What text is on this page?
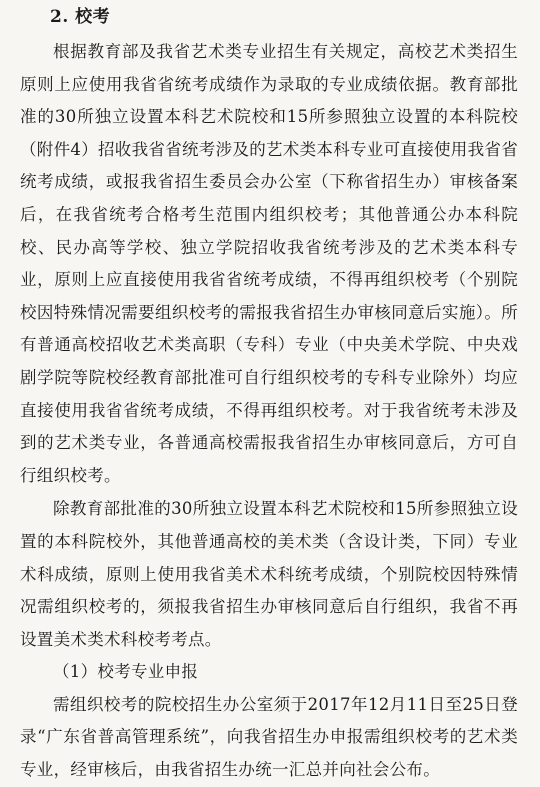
2. 校考

根据教育部及我省艺术类专业招生有关规定，高校艺术类招生原则上应使用我省省统考成绩作为录取的专业成绩依据。教育部批准的30所独立设置本科艺术院校和15所参照独立设置的本科院校（附件4）招收我省省统考涉及的艺术类本科专业可直接使用我省省统考成绩，或报我省招生委员会办公室（下称省招生办）审核备案后，在我省统考合格考生范围内组织校考；其他普通公办本科院校、民办高等学校、独立学院招收我省统考涉及的艺术类本科专业，原则上应直接使用我省省统考成绩，不得再组织校考（个别院校因特殊情况需要组织校考的需报我省招生办审核同意后实施）。所有普通高校招收艺术类高职（专科）专业（中央美术学院、中央戏剧学院等院校经教育部批准可自行组织校考的专科专业除外）均应直接使用我省省统考成绩，不得再组织校考。对于我省统考未涉及到的艺术类专业，各普通高校需报我省招生办审核同意后，方可自行组织校考。

除教育部批准的30所独立设置本科艺术院校和15所参照独立设置的本科院校外，其他普通高校的美术类（含设计类，下同）专业术科成绩，原则上使用我省美术术科统考成绩，个别院校因特殊情况需组织校考的，须报我省招生办审核同意后自行组织，我省不再设置美术类术科校考考点。

（1）校考专业申报

需组织校考的院校招生办公室须于2017年12月11日至25日登录“广东省普高管理系统”，向我省招生办申报需组织校考的艺术类专业，经审核后，由我省招生办统一汇总并向社会公布。
